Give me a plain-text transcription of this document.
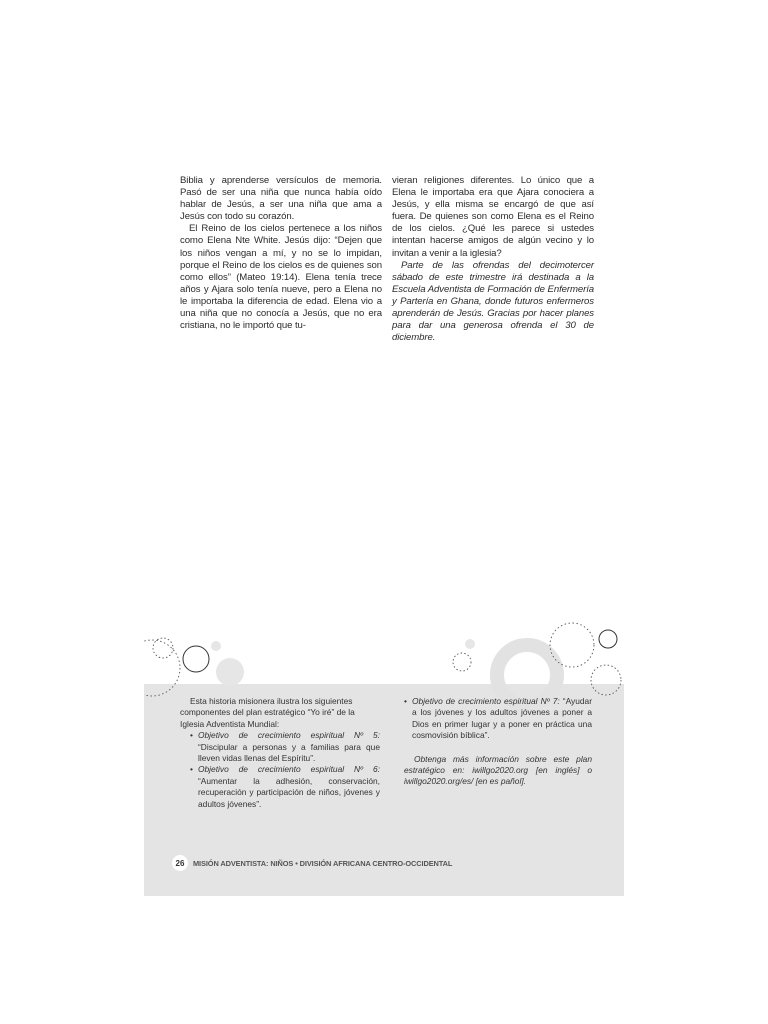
Biblia y aprenderse versículos de memoria. Pasó de ser una niña que nunca había oído hablar de Jesús, a ser una niña que ama a Jesús con todo su corazón.

El Reino de los cielos pertenece a los niños como Elena Nte White. Jesús dijo: “Dejen que los niños vengan a mí, y no se lo impidan, porque el Reino de los cielos es de quienes son como ellos” (Mateo 19:14). Elena tenía trece años y Ajara solo tenía nueve, pero a Elena no le importaba la diferencia de edad. Elena vio a una niña que no conocía a Jesús, que no era cristiana, no le importó que tu-

vieran religiones diferentes. Lo único que a Elena le importaba era que Ajara conociera a Jesús, y ella misma se encargó de que así fuera. De quienes son como Elena es el Reino de los cielos. ¿Qué les parece si ustedes intentan hacerse amigos de algún vecino y lo invitan a venir a la iglesia?

Parte de las ofrendas del decimotercer sábado de este trimestre irá destinada a la Escuela Adventista de Formación de Enfermería y Partería en Ghana, donde futuros enfermeros aprenderán de Jesús. Gracias por hacer planes para dar una generosa ofrenda el 30 de diciembre.

Esta historia misionera ilustra los siguientes componentes del plan estratégico “Yo iré” de la Iglesia Adventista Mundial:

• Objetivo de crecimiento espiritual Nº 5: “Discipular a personas y a familias para que lleven vidas llenas del Espíritu”.
• Objetivo de crecimiento espiritual Nº 6: “Aumentar la adhesión, conservación, recuperación y participación de niños, jóvenes y adultos jóvenes”.
• Objetivo de crecimiento espiritual Nº 7: “Ayudar a los jóvenes y los adultos jóvenes a poner a Dios en primer lugar y a poner en práctica una cosmovisión bíblica”.

Obtenga más información sobre este plan estratégico en: iwillgo2020.org [en inglés] o iwillgo2020.org/es/ [en es pañol].

26	MISIÓN ADVENTISTA: NIÑOS • DIVISIÓN AFRICANA CENTRO-OCCIDENTAL
